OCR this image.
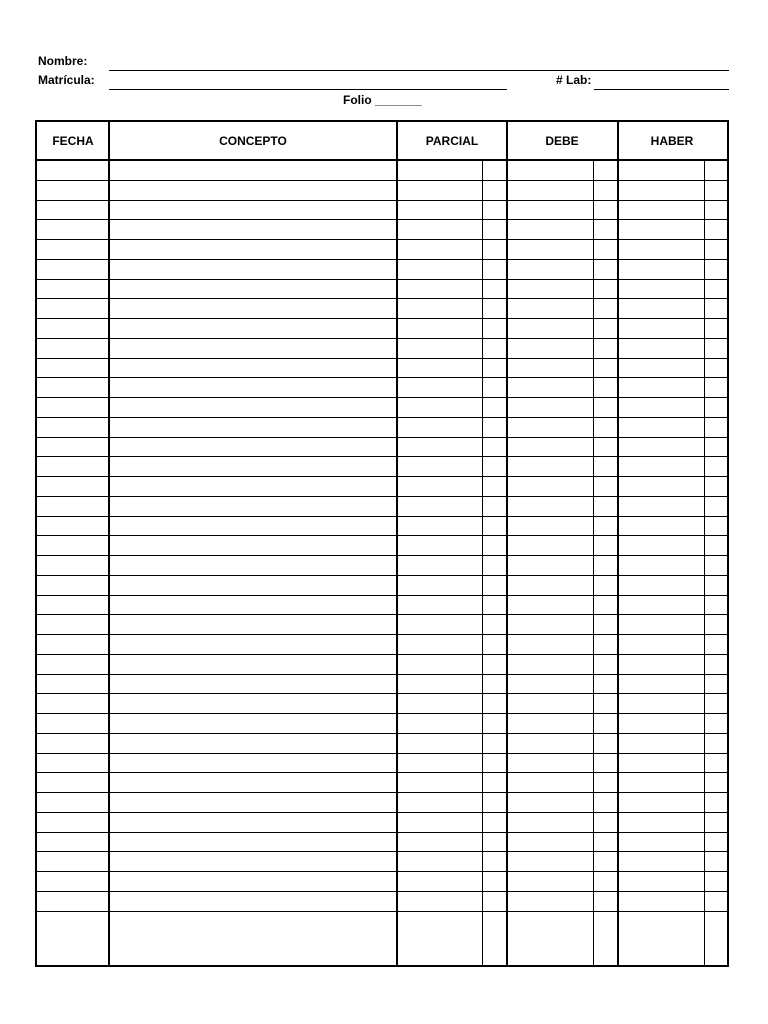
Nombre:
Matrícula:	# Lab:
Folio _______
FECHA	CONCEPTO	PARCIAL	DEBE	HABER
